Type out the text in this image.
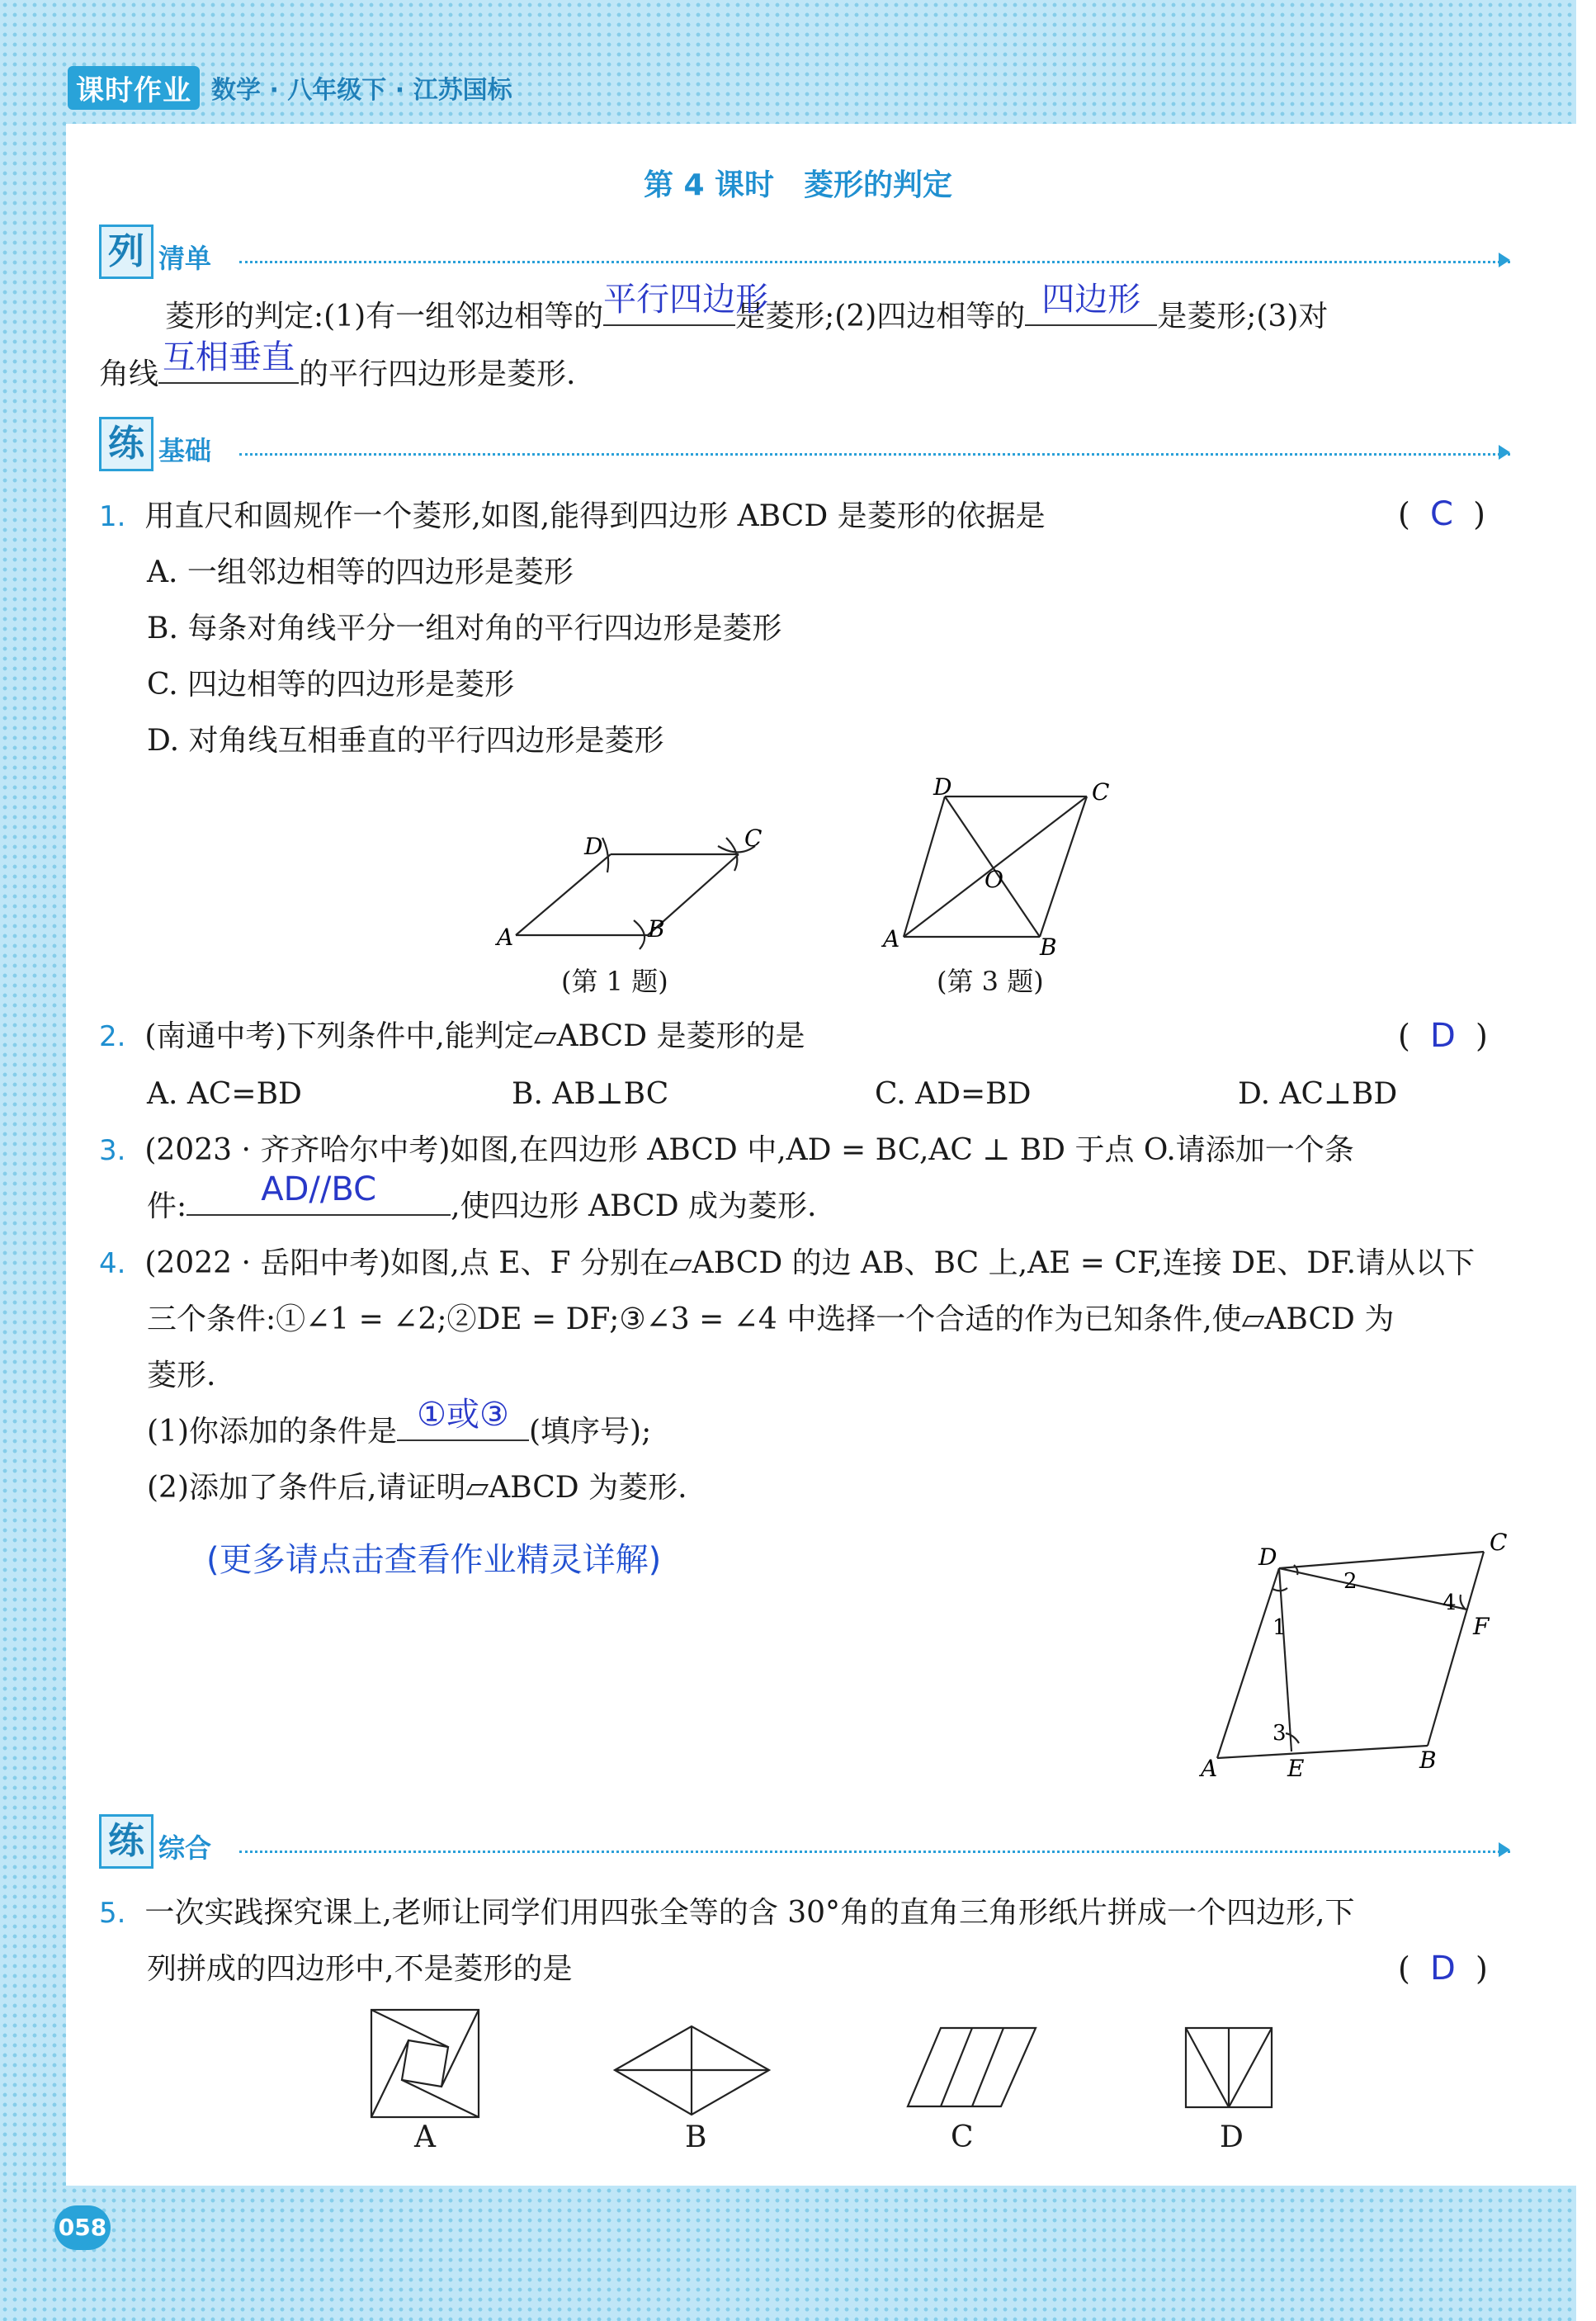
课时作业 数学 · 八年级下 · 江苏国标
第 4 课时　菱形的判定
列 清单
菱形的判定:(1)有一组邻边相等的 平行四边形
是菱形;(2)四边相等的 四边形 是菱形;(3)对
角线 互相垂直 的平行四边形是菱形.
练 基础
1. 用直尺和圆规作一个菱形,如图,能得到四边形 ABCD 是菱形的依据是	(  C  )
A. 一组邻边相等的四边形是菱形
B. 每条对角线平分一组对角的平行四边形是菱形
C. 四边相等的四边形是菱形
D. 对角线互相垂直的平行四边形是菱形
A	B
C
D
(第 1 题)
A	B
C
D
O
(第 3 题)
2. (南通中考)下列条件中,能判定▱ABCD 是菱形的是	(  D  )
A. AC=BD	B. AB⊥BC	C. AD=BD	D. AC⊥BD
3. (2023 · 齐齐哈尔中考)如图,在四边形 ABCD 中,AD = BC,AC ⊥ BD 于点 O.请添加一个条
件:	AD//BC	,使四边形 ABCD 成为菱形.
4. (2022 · 岳阳中考)如图,点 E、F 分别在▱ABCD 的边 AB、BC 上,AE = CF,连接 DE、DF.请从以下
三个条件:①∠1 = ∠2;②DE = DF;③∠3 = ∠4 中选择一个合适的作为已知条件,使▱ABCD 为
菱形.
(1)你添加的条件是 ①或③ (填序号);
(2)添加了条件后,请证明▱ABCD 为菱形.
(更多请点击查看作业精灵详解)
A	B
C
D
E
F
1
2
3
4
练 综合
5. 一次实践探究课上,老师让同学们用四张全等的含 30°角的直角三角形纸片拼成一个四边形,下
列拼成的四边形中,不是菱形的是	(  D  )
A	B	C	D
058
